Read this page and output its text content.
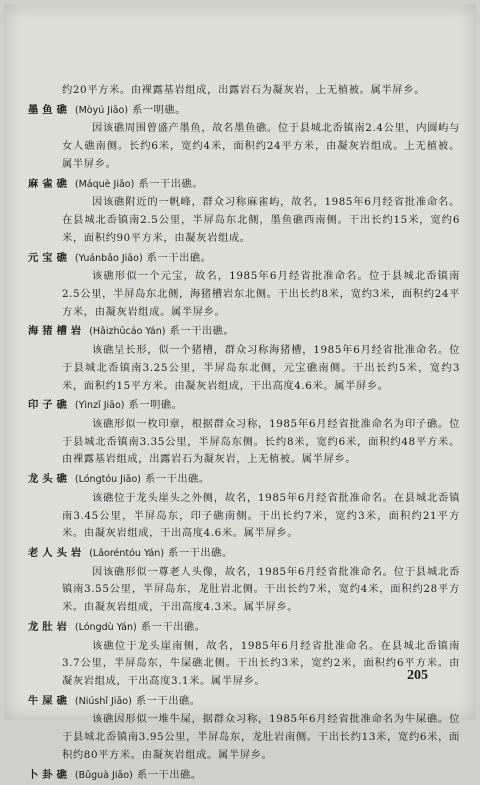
约20平方米。由裸露基岩组成，出露岩石为凝灰岩，上无植被。属半屏乡。

墨鱼礁 (Mòyú Jiāo) 系一明礁。

因该礁周围曾盛产墨鱼，故名墨鱼礁。位于县城北岙镇南2.4公里，内圆屿与女人礁南侧。长约6米，宽约4米，面积约24平方米，由凝灰岩组成。上无植被。属半屏乡。

麻雀礁 (Máquè Jiāo) 系一干出礁。

因该礁附近的一帆峰，群众习称麻雀屿，故名，1985年6月经省批准命名。在县城北岙镇南2.5公里，半屏岛东北侧，墨鱼礁西南侧。干出长约15米，宽约6米，面积约90平方米，由凝灰岩组成。

元宝礁 (Yuánbǎo Jiāo) 系一干出礁。

该礁形似一个元宝，故名，1985年6月经省批准命名。位于县城北岙镇南2.5公里，半屏岛东北侧，海猪槽岩东北侧。干出长约8米，宽约3米，面积约24平方米，由凝灰岩组成。属半屏乡。

海猪槽岩 (Hǎizhūcáo Yán) 系一干出礁。

该礁呈长形，似一个猪槽，群众习称海猪槽，1985年6月经省批准命名。位于县城北岙镇南3.25公里，半屏岛东北侧，元宝礁南侧。干出长约5米，宽约3米，面积约15平方米。由凝灰岩组成，干出高度4.6米。属半屏乡。

印子礁 (Yìnzǐ Jiāo) 系一明礁。

该礁形似一枚印章，根据群众习称，1985年6月经省批准命名为印子礁。位于县城北岙镇南3.35公里，半屏岛东侧。长约8米，宽约6米，面积约48平方米。由裸露基岩组成，出露岩石为凝灰岩，上无植被。属半屏乡。

龙头礁 (Lóngtóu Jiāo) 系一干出礁。

该礁位于龙头崖头之外侧，故名，1985年6月经省批准命名。在县城北岙镇南3.45公里，半屏岛东，印子礁南侧。干出长约7米，宽约3米，面积约21平方米。由凝灰岩组成，干出高度4.6米。属半屏乡。

老人头岩 (Lǎoréntóu Yán) 系一干出礁。

因该礁形似一尊老人头像，故名，1985年6月经省批准命名。位于县城北岙镇南3.55公里，半屏岛东，龙肚岩北侧。干出长约7米，宽约4米，面积约28平方米。由凝灰岩组成，干出高度4.3米。属半屏乡。

龙肚岩 (Lóngdù Yán) 系一干出礁。

该礁位于龙头崖南侧，故名，1985年6月经省批准命名。在县城北岙镇南3.7公里，半屏岛东，牛屎礁北侧。干出长约3米，宽约2米，面积约6平方米。由凝灰岩组成，干出高度3.1米。属半屏乡。

牛屎礁 (Niúshǐ Jiāo) 系一干出礁。

该礁因形似一堆牛屎，据群众习称，1985年6月经省批准命名为牛屎礁。位于县城北岙镇南3.95公里，半屏岛东，龙肚岩南侧。干出长约13米，宽约6米，面积约80平方米。由凝灰岩组成。属半屏乡。

卜卦礁 (Bǔguà Jiāo) 系一干出礁。
205
